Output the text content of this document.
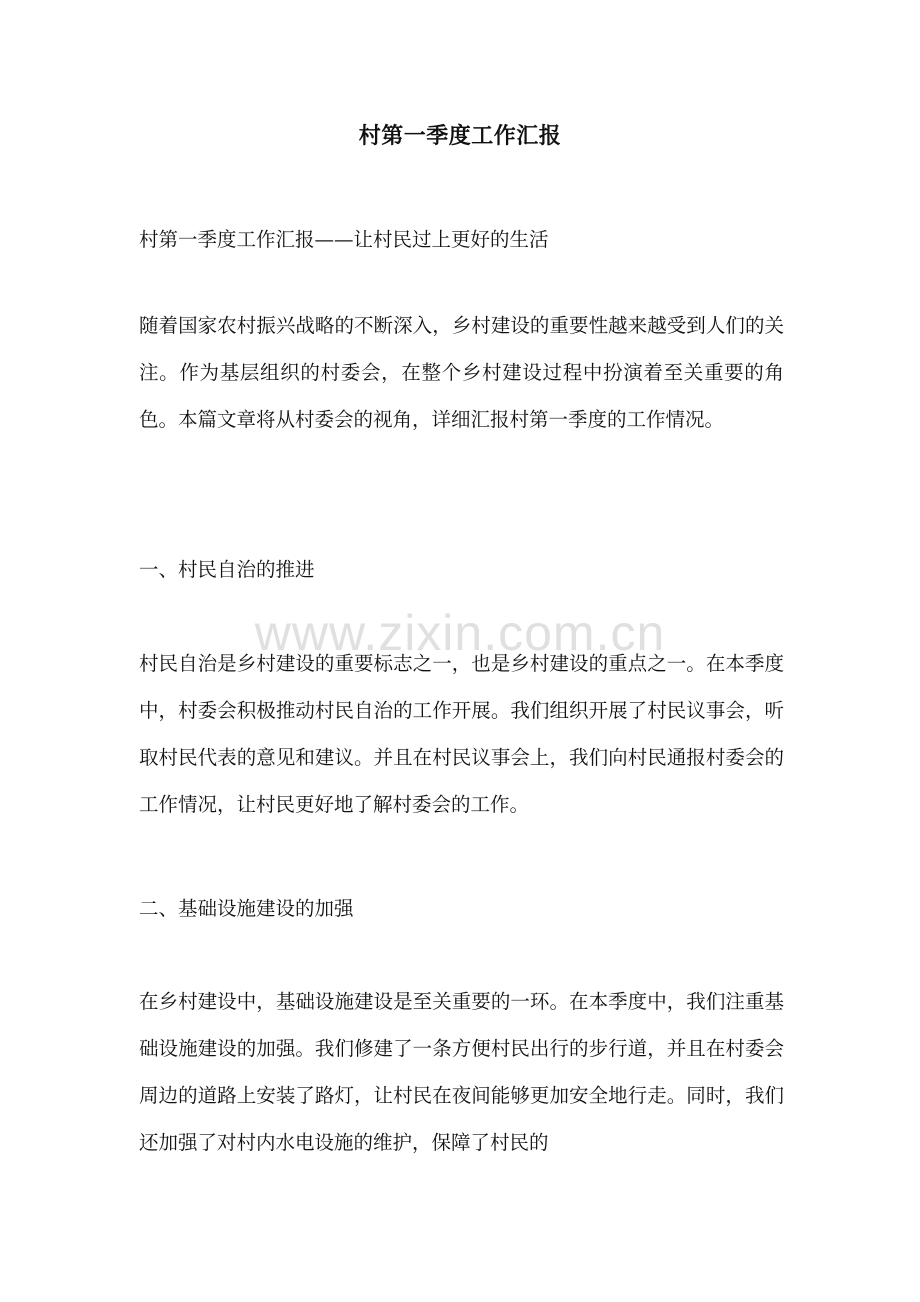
村第一季度工作汇报
村第一季度工作汇报——让村民过上更好的生活
随着国家农村振兴战略的不断深入，乡村建设的重要性越来越受到人们的关注。作为基层组织的村委会，在整个乡村建设过程中扮演着至关重要的角色。本篇文章将从村委会的视角，详细汇报村第一季度的工作情况。
一、村民自治的推进
www.zixin.com.cn
村民自治是乡村建设的重要标志之一，也是乡村建设的重点之一。在本季度中，村委会积极推动村民自治的工作开展。我们组织开展了村民议事会，听取村民代表的意见和建议。并且在村民议事会上，我们向村民通报村委会的工作情况，让村民更好地了解村委会的工作。
二、基础设施建设的加强
在乡村建设中，基础设施建设是至关重要的一环。在本季度中，我们注重基础设施建设的加强。我们修建了一条方便村民出行的步行道，并且在村委会周边的道路上安装了路灯，让村民在夜间能够更加安全地行走。同时，我们还加强了对村内水电设施的维护，保障了村民的
